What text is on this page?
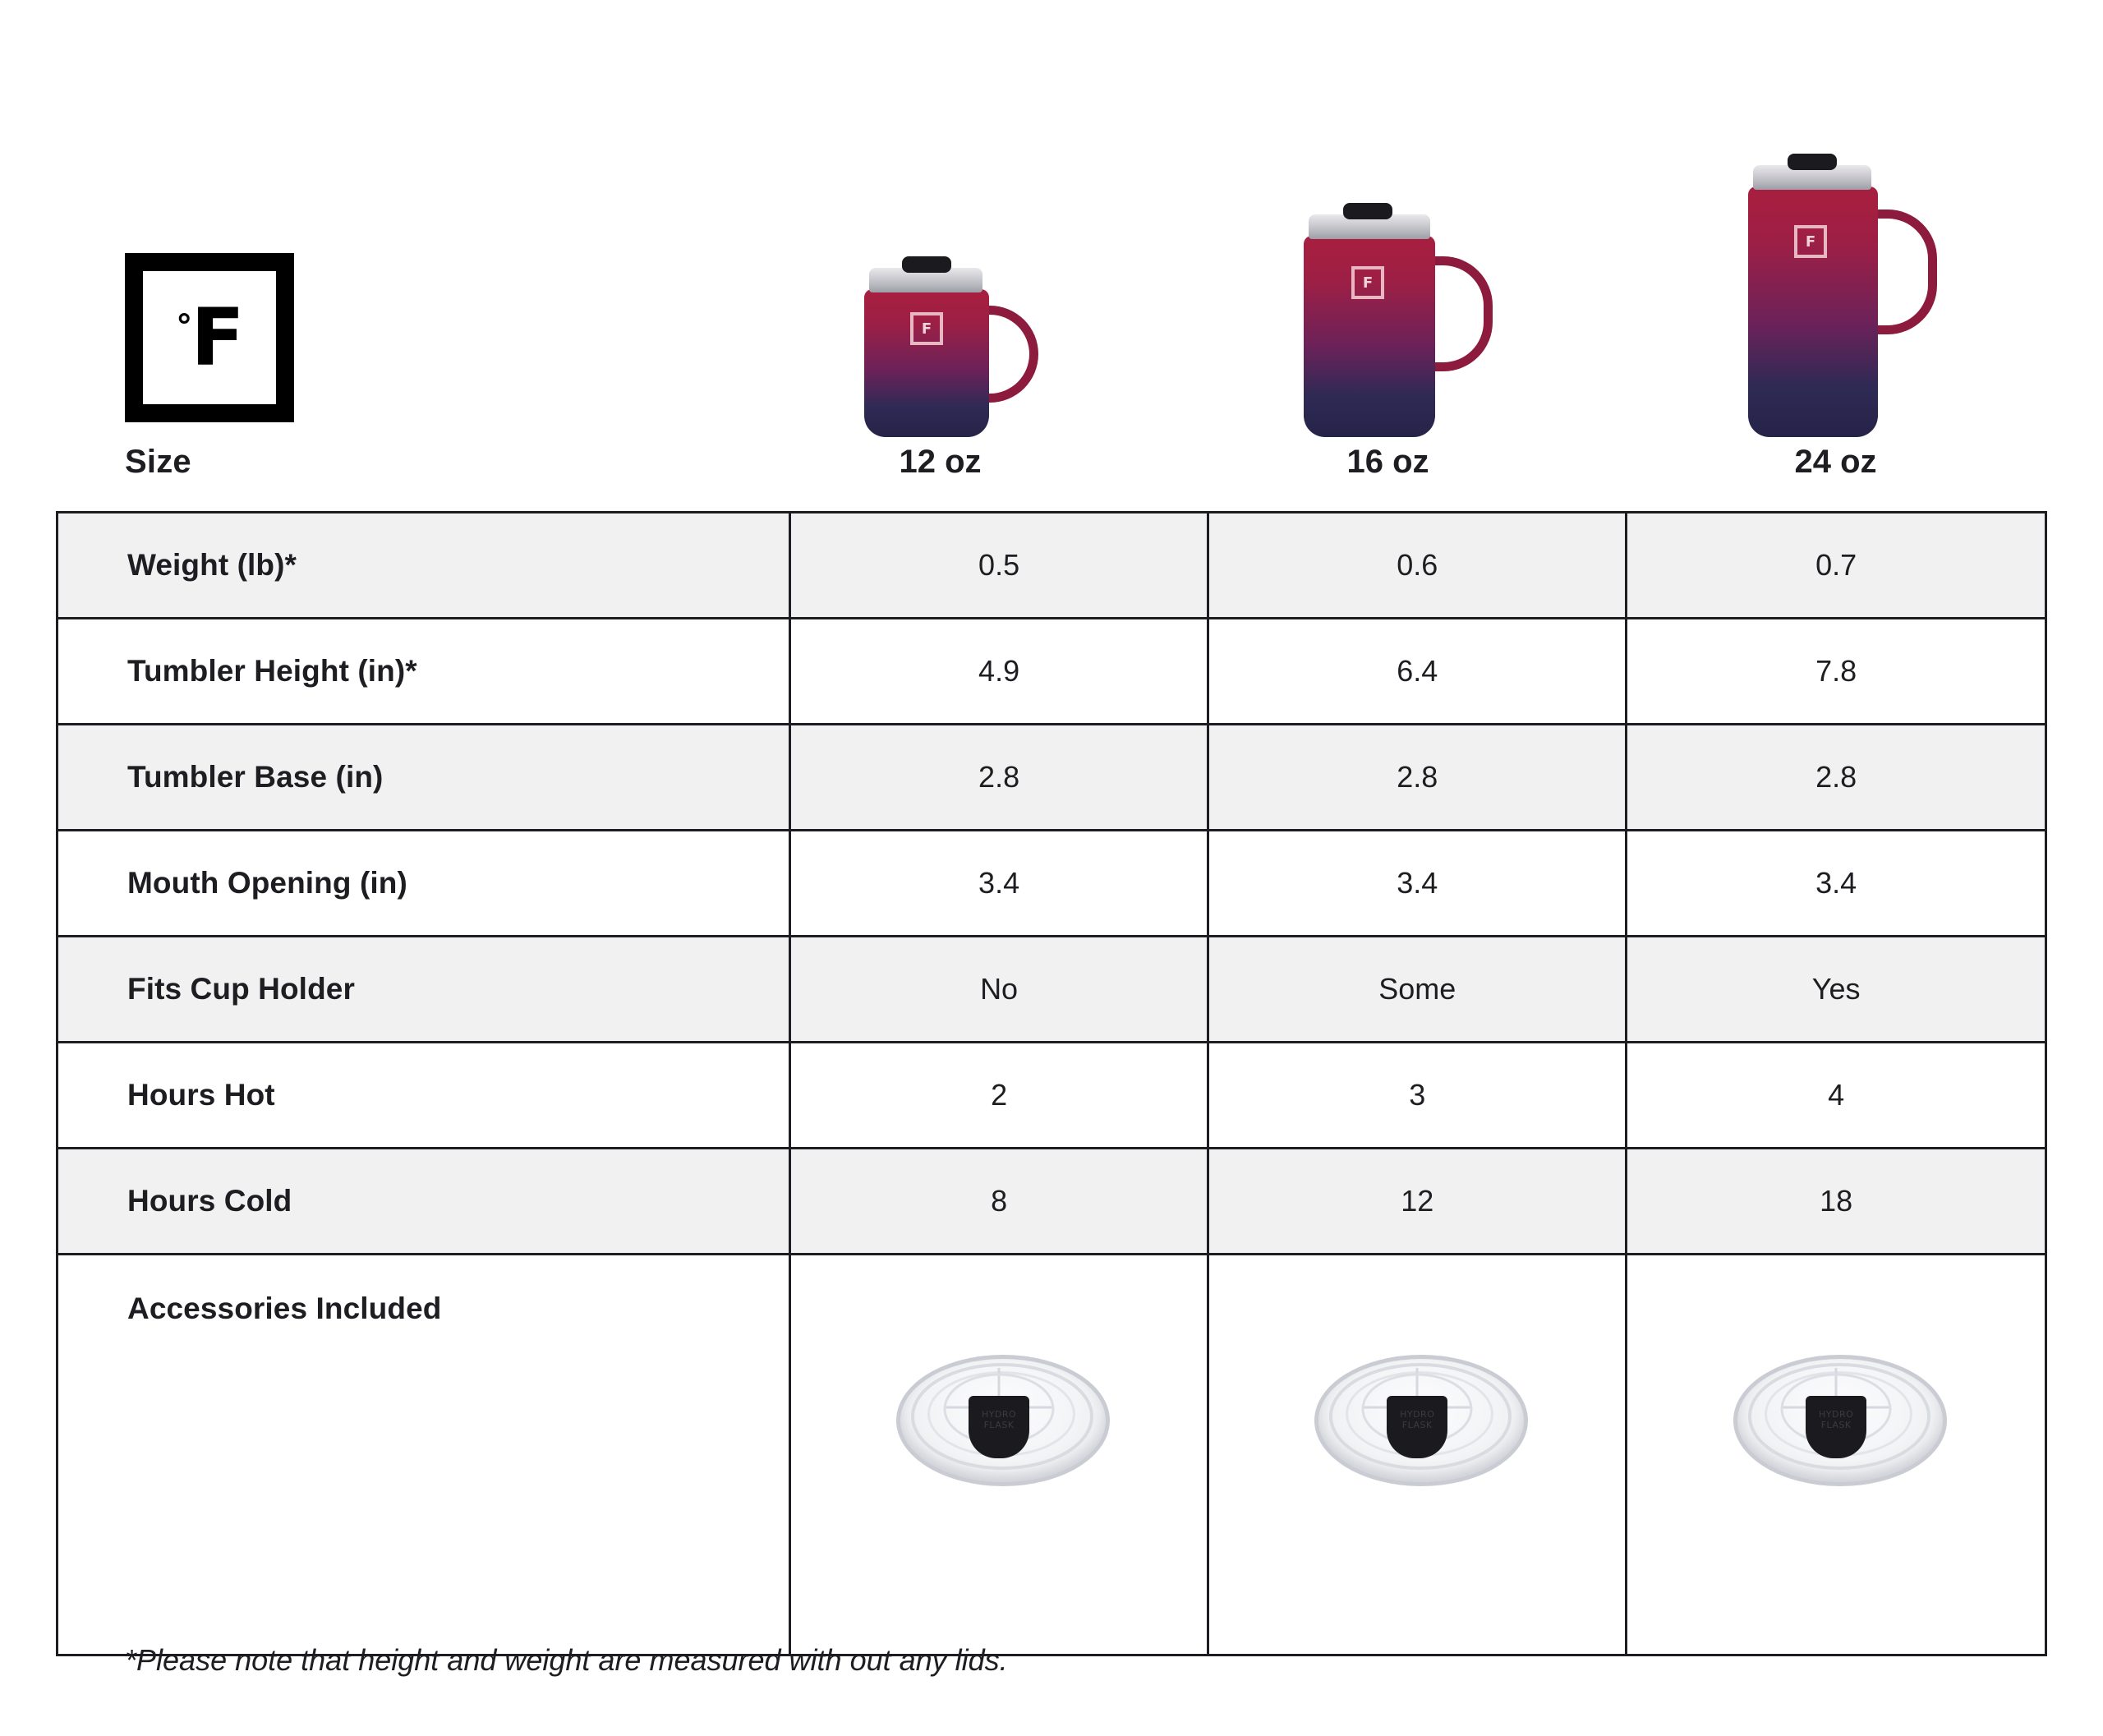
°F
Size	12 oz	16 oz	24 oz
F
F
F
Weight (lb)*	0.5	0.6	0.7
Tumbler Height (in)*	4.9	6.4	7.8
Tumbler Base (in)	2.8	2.8	2.8
Mouth Opening (in)	3.4	3.4	3.4
Fits Cup Holder	No	Some	Yes
Hours Hot	2	3	4
Hours Cold	8	12	18
Accessories Included	HYDRO FLASK	HYDRO FLASK	HYDRO FLASK
*Please note that height and weight are measured with out any lids.
